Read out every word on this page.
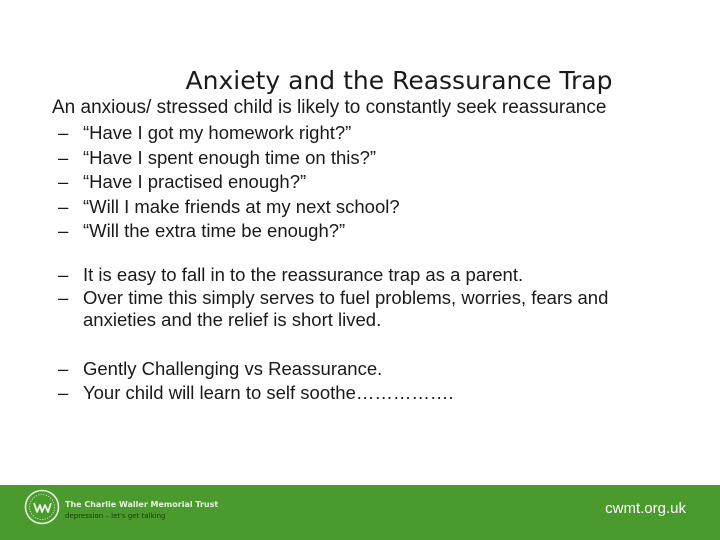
Anxiety and the Reassurance Trap
An anxious/ stressed child is likely to constantly seek reassurance
– “Have I got my homework right?”
– “Have I spent enough time on this?”
– “Have I practised enough?”
– “Will I make friends at my next school?
– “Will the extra time be enough?”
– It is easy to fall in to the reassurance trap as a parent.
– Over time this simply serves to fuel problems, worries, fears and anxieties and the relief is short lived.
– Gently Challenging vs Reassurance.
– Your child will learn to self soothe…………….
The Charlie Waller Memorial Trust
depression – let's get talking	cwmt.org.uk
